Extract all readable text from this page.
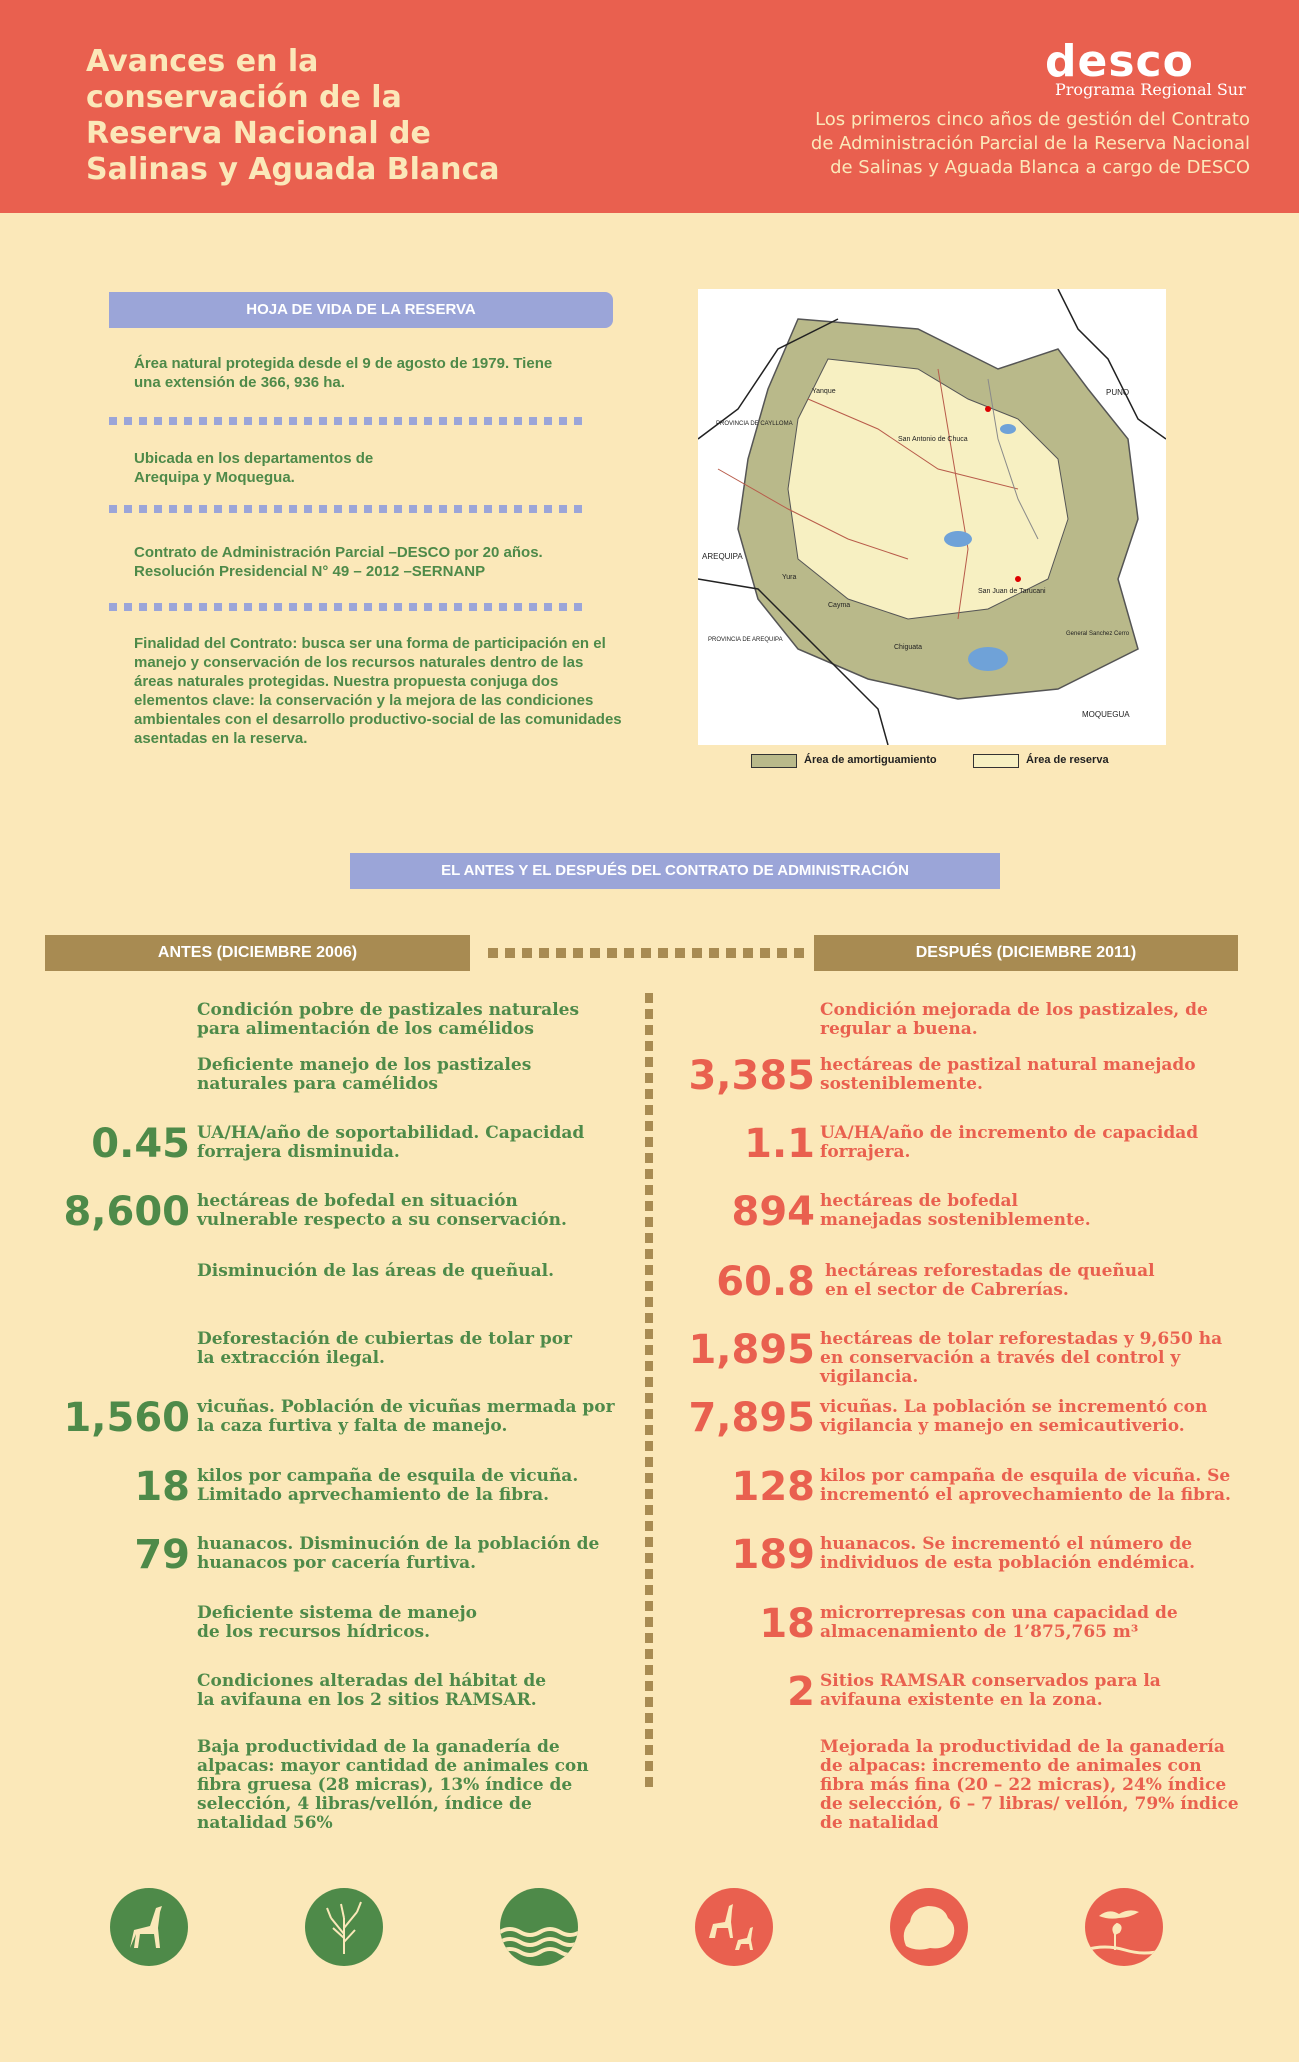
Avances en la conservación de la Reserva Nacional de Salinas y Aguada Blanca
desco
Programa Regional Sur
Los primeros cinco años de gestión del Contrato de Administración Parcial de la Reserva Nacional de Salinas y Aguada Blanca a cargo de DESCO
HOJA DE VIDA DE LA RESERVA
Área natural protegida desde el 9 de agosto de 1979. Tiene una extensión de 366, 936 ha.
Ubicada en los departamentos de Arequipa y Moquegua.
Contrato de Administración Parcial –DESCO por 20 años. Resolución Presidencial N° 49 – 2012 –SERNANP
Finalidad del Contrato: busca ser una forma de participación en el manejo y conservación de los recursos naturales dentro de las áreas naturales protegidas. Nuestra propuesta conjuga dos elementos clave: la conservación y la mejora de las condiciones ambientales con el desarrollo productivo-social de las comunidades asentadas en la reserva.
PUNO
AREQUIPA
MOQUEGUA
PROVINCIA DE CAYLLOMA
PROVINCIA DE AREQUIPA
San Antonio de Chuca
Yanque
San Juan de Tarucani
Cayma
Yura
Chiguata
General Sanchez Cerro
Área de amortiguamiento	Área de reserva
EL ANTES Y EL DESPUÉS DEL CONTRATO DE ADMINISTRACIÓN
ANTES (DICIEMBRE 2006)	DESPUÉS (DICIEMBRE 2011)
Condición pobre de pastizales naturales para alimentación de los camélidos
Deficiente manejo de los pastizales naturales para camélidos
0.45 UA/HA/año de soportabilidad. Capacidad forrajera disminuida.
8,600 hectáreas de bofedal en situación vulnerable respecto a su conservación.
Disminución de las áreas de queñual.
Deforestación de cubiertas de tolar por la extracción ilegal.
1,560 vicuñas. Población de vicuñas mermada por la caza furtiva y falta de manejo.
18 kilos por campaña de esquila de vicuña. Limitado aprvechamiento de la fibra.
79 huanacos. Disminución de la población de huanacos por cacería furtiva.
Deficiente sistema de manejo de los recursos hídricos.
Condiciones alteradas del hábitat de la avifauna en los 2 sitios RAMSAR.
Baja productividad de la ganadería de alpacas: mayor cantidad de animales con fibra gruesa (28 micras), 13% índice de selección, 4 libras/vellón, índice de natalidad 56%
Condición mejorada de los pastizales, de regular a buena.
3,385 hectáreas de pastizal natural manejado sosteniblemente.
1.1 UA/HA/año de incremento de capacidad forrajera.
894 hectáreas de bofedal manejadas sosteniblemente.
60.8 hectáreas reforestadas de queñual en el sector de Cabrerías.
1,895 hectáreas de tolar reforestadas y 9,650 ha en conservación a través del control y vigilancia.
7,895 vicuñas. La población se incrementó con vigilancia y manejo en semicautiverio.
128 kilos por campaña de esquila de vicuña. Se incrementó el aprovechamiento de la fibra.
189 huanacos. Se incrementó el número de individuos de esta población endémica.
18 microrrepresas con una capacidad de almacenamiento de 1’875,765 m³
2 Sitios RAMSAR conservados para la avifauna existente en la zona.
Mejorada la productividad de la ganadería de alpacas: incremento de animales con fibra más fina (20 – 22 micras), 24% índice de selección, 6 – 7 libras/ vellón, 79% índice de natalidad
